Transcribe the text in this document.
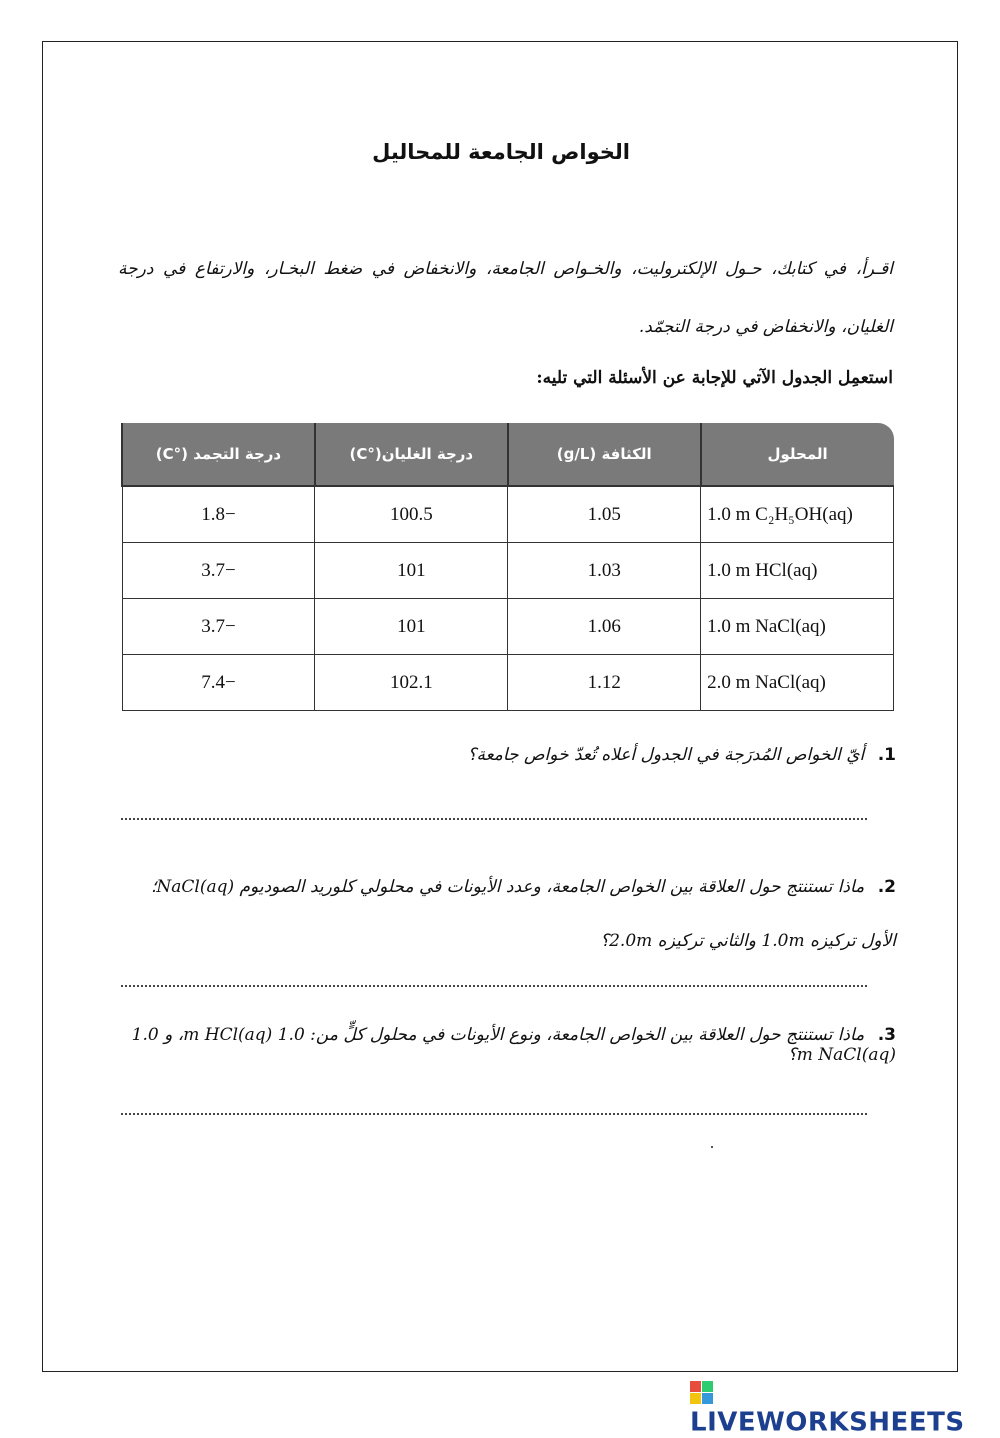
الخواص الجامعة للمحاليل
اقـرأ، في كتابك، حـول الإلكتروليت، والخـواص الجامعة، والانخفاض في ضغط البخـار، والارتفاع في درجة الغليان، والانخفاض في درجة التجمّد.
استعمِل الجدول الآتي للإجابة عن الأسئلة التي تليه:
المحلول	الكثافة (g/L)	درجة الغليان(°C)	درجة التجمد (°C)
1.0 m C₂H₅OH(aq)	1.05	100.5	−1.8
1.0 m HCl(aq)	1.03	101	−3.7
1.0 m NaCl(aq)	1.06	101	−3.7
2.0 m NaCl(aq)	1.12	102.1	−7.4
1. أيّ الخواص المُدرَجة في الجدول أعلاه تُعدّ خواص جامعة؟
2. ماذا تستنتج حول العلاقة بين الخواص الجامعة، وعدد الأيونات في محلولي كلوريد الصوديوم NaCl(aq)؛ الأول تركيزه 1.0m والثاني تركيزه 2.0m؟
3. ماذا تستنتج حول العلاقة بين الخواص الجامعة، ونوع الأيونات في محلول كلٍّ من: 1.0 m HCl(aq)، و 1.0 m NaCl(aq)؟
LIVEWORKSHEETS
